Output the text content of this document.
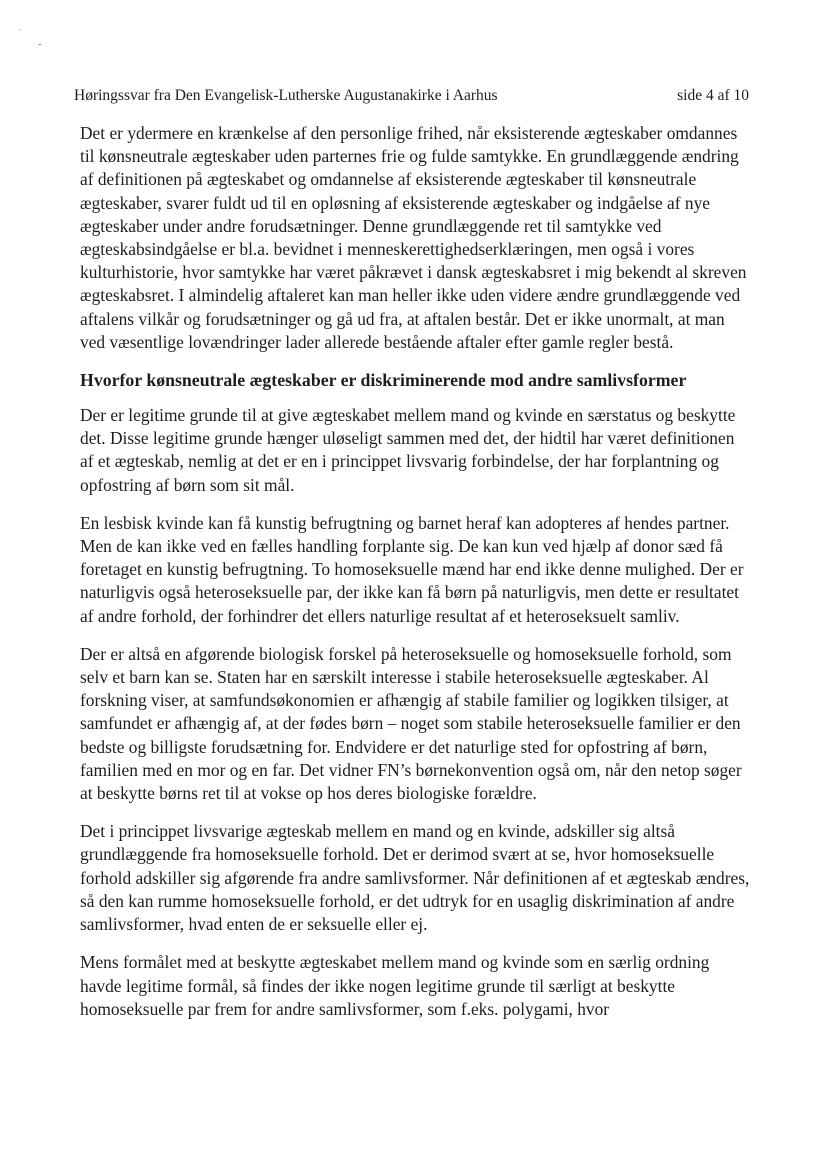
`
-
Høringssvar fra Den Evangelisk-Lutherske Augustanakirke i Aarhus	side 4 af 10

Det er ydermere en krænkelse af den personlige frihed, når eksisterende ægteskaber omdannes til kønsneutrale ægteskaber uden parternes frie og fulde samtykke. En grundlæggende ændring af definitionen på ægteskabet og omdannelse af eksisterende ægteskaber til kønsneutrale ægteskaber, svarer fuldt ud til en opløsning af eksisterende ægteskaber og indgåelse af nye ægteskaber under andre forudsætninger. Denne grundlæggende ret til samtykke ved ægteskabsindgåelse er bl.a. bevidnet i menneskerettighedserklæringen, men også i vores kulturhistorie, hvor samtykke har været påkrævet i dansk ægteskabsret i mig bekendt al skreven ægteskabsret. I almindelig aftaleret kan man heller ikke uden videre ændre grundlæggende ved aftalens vilkår og forudsætninger og gå ud fra, at aftalen består. Det er ikke unormalt, at man ved væsentlige lovændringer lader allerede bestående aftaler efter gamle regler bestå.

Hvorfor kønsneutrale ægteskaber er diskriminerende mod andre samlivsformer

Der er legitime grunde til at give ægteskabet mellem mand og kvinde en særstatus og beskytte det. Disse legitime grunde hænger uløseligt sammen med det, der hidtil har været definitionen af et ægteskab, nemlig at det er en i princippet livsvarig forbindelse, der har forplantning og opfostring af børn som sit mål.

En lesbisk kvinde kan få kunstig befrugtning og barnet heraf kan adopteres af hendes partner. Men de kan ikke ved en fælles handling forplante sig. De kan kun ved hjælp af donor sæd få foretaget en kunstig befrugtning. To homoseksuelle mænd har end ikke denne mulighed. Der er naturligvis også heteroseksuelle par, der ikke kan få børn på naturligvis, men dette er resultatet af andre forhold, der forhindrer det ellers naturlige resultat af et heteroseksuelt samliv.

Der er altså en afgørende biologisk forskel på heteroseksuelle og homoseksuelle forhold, som selv et barn kan se. Staten har en særskilt interesse i stabile heteroseksuelle ægteskaber. Al forskning viser, at samfundsøkonomien er afhængig af stabile familier og logikken tilsiger, at samfundet er afhængig af, at der fødes børn – noget som stabile heteroseksuelle familier er den bedste og billigste forudsætning for. Endvidere er det naturlige sted for opfostring af børn, familien med en mor og en far. Det vidner FN’s børnekonvention også om, når den netop søger at beskytte børns ret til at vokse op hos deres biologiske forældre.

Det i princippet livsvarige ægteskab mellem en mand og en kvinde, adskiller sig altså grundlæggende fra homoseksuelle forhold. Det er derimod svært at se, hvor homoseksuelle forhold adskiller sig afgørende fra andre samlivsformer. Når definitionen af et ægteskab ændres, så den kan rumme homoseksuelle forhold, er det udtryk for en usaglig diskrimination af andre samlivsformer, hvad enten de er seksuelle eller ej.

Mens formålet med at beskytte ægteskabet mellem mand og kvinde som en særlig ordning havde legitime formål, så findes der ikke nogen legitime grunde til særligt at beskytte homoseksuelle par frem for andre samlivsformer, som f.eks. polygami, hvor
